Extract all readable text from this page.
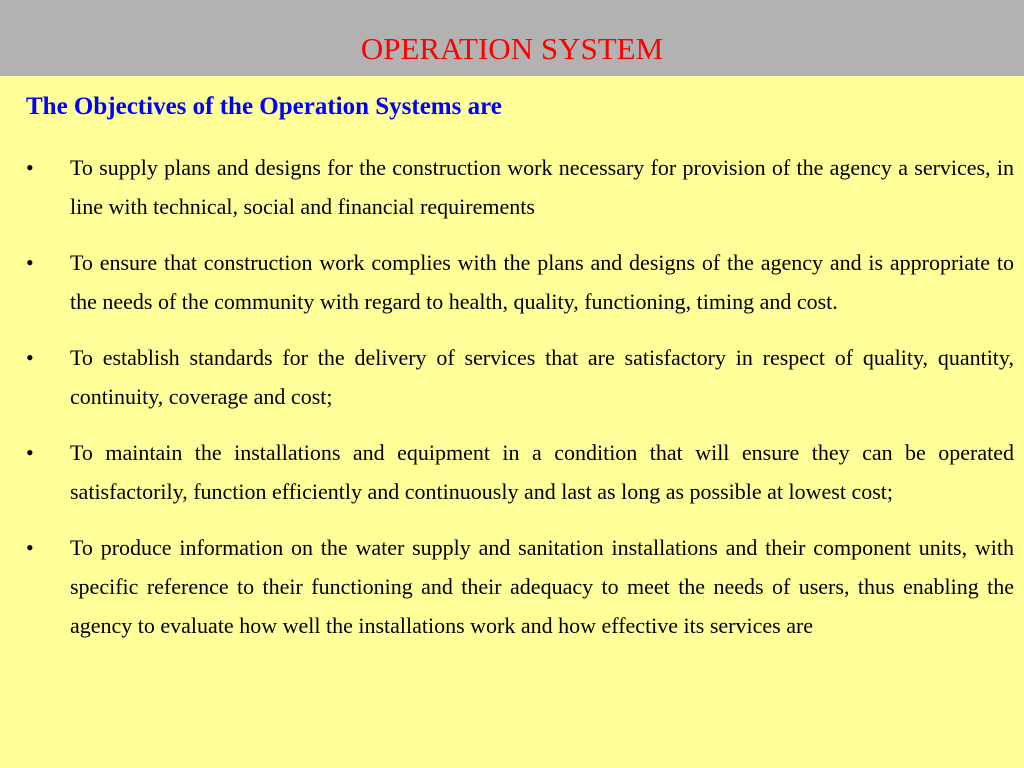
OPERATION SYSTEM
The Objectives of the Operation Systems are
• To supply plans and designs for the construction work necessary for provision of the agency a services, in line with technical, social and financial requirements
• To ensure that construction work complies with the plans and designs of the agency and is appropriate to the needs of the community with regard to health, quality, functioning, timing and cost.
• To establish standards for the delivery of services that are satisfactory in respect of quality, quantity, continuity, coverage and cost;
• To maintain the installations and equipment in a condition that will ensure they can be operated satisfactorily, function efficiently and continuously and last as long as possible at lowest cost;
• To produce information on the water supply and sanitation installations and their component units, with specific reference to their functioning and their adequacy to meet the needs of users, thus enabling the agency to evaluate how well the installations work and how effective its services are
